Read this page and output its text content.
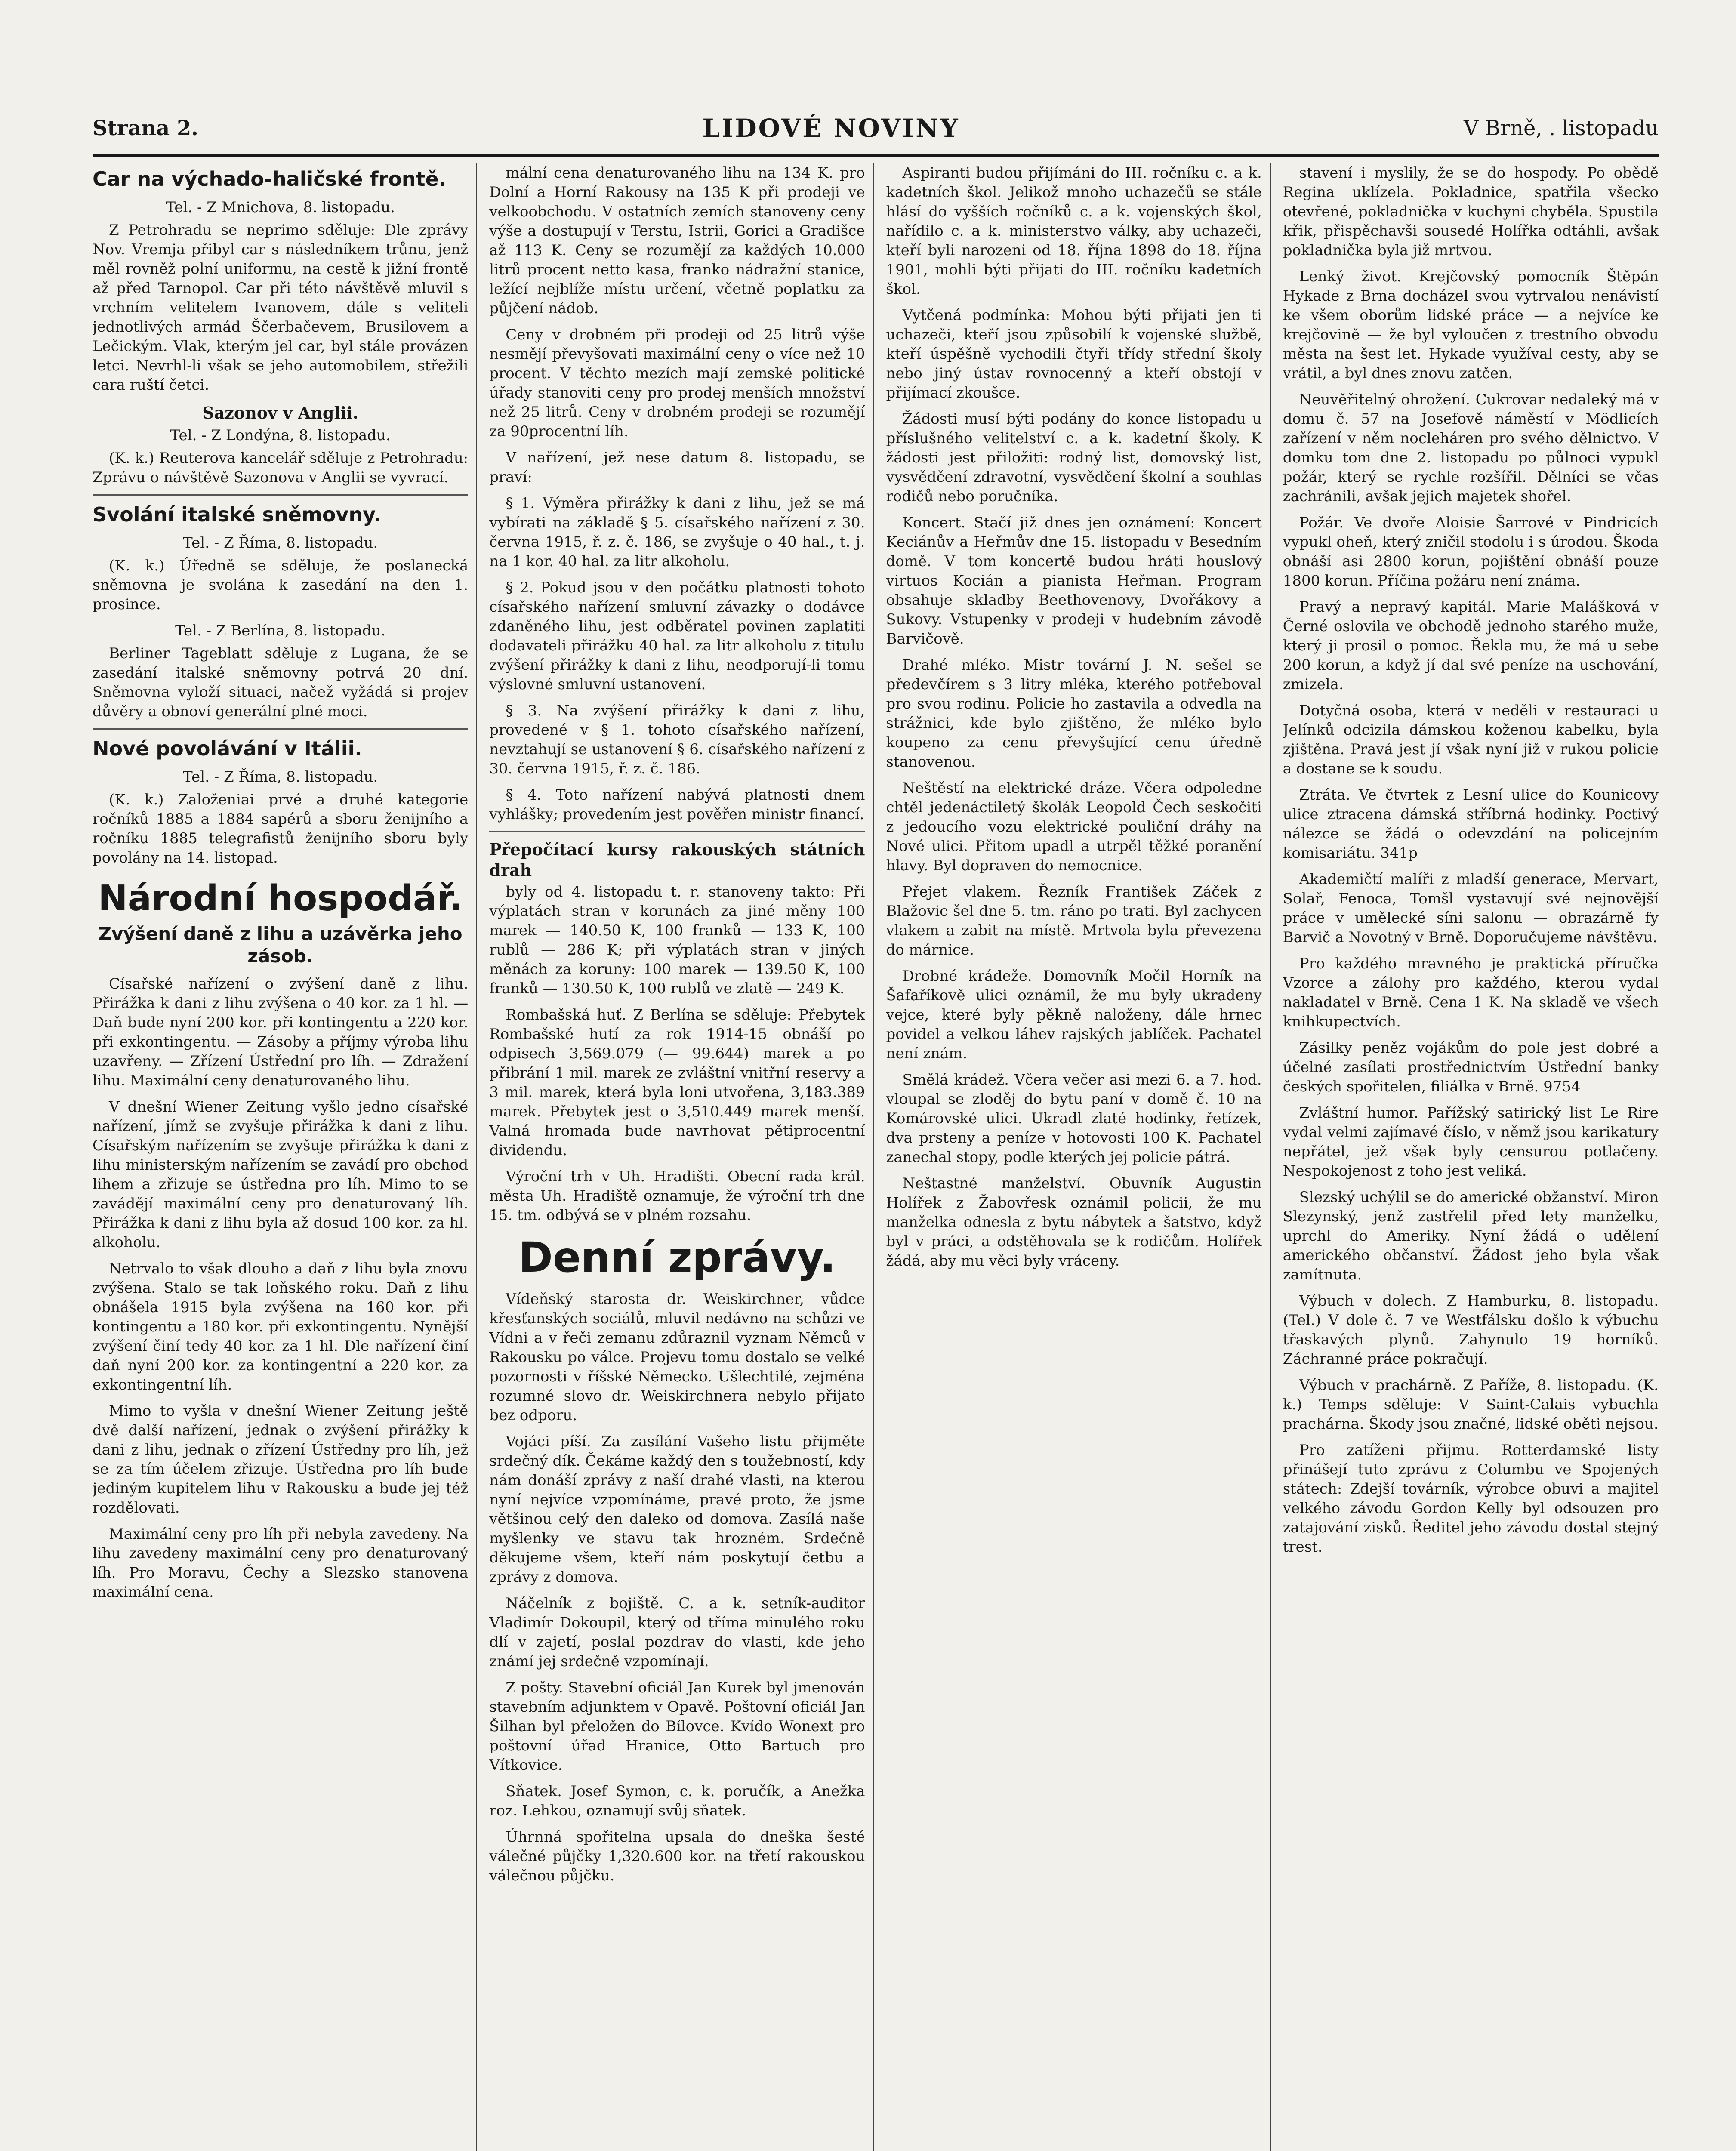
Strana 2.	LIDOVÉ NOVINY	V Brně, . listopadu
Car na výchado-haličské frontě.

Tel. - Z Mnichova, 8. listopadu.

Z Petrohradu se neprimo sděluje: Dle zprávy Nov. Vremja přibyl car s následníkem trůnu, jenž měl rovněž polní uniformu, na cestě k jižní frontě až před Tarnopol. Car při této návštěvě mluvil s vrchním velitelem Ivanovem, dále s veliteli jednotlivých armád Ščerbačevem, Brusilovem a Lečickým. Vlak, kterým jel car, byl stále provázen letci. Nevrhl-li však se jeho automobilem, střežili cara ruští četci.

Sazonov v Anglii.

Tel. - Z Londýna, 8. listopadu.

(K. k.) Reuterova kancelář sděluje z Petrohradu: Zprávu o návštěvě Sazonova v Anglii se vyvrací.

Svolání italské sněmovny.

Tel. - Z Říma, 8. listopadu.

(K. k.) Úředně se sděluje, že poslanecká sněmovna je svolána k zasedání na den 1. prosince.

Tel. - Z Berlína, 8. listopadu.

Berliner Tageblatt sděluje z Lugana, že se zasedání italské sněmovny potrvá 20 dní. Sněmovna vyloží situaci, načež vyžádá si projev důvěry a obnoví generální plné moci.

Nové povolávání v Itálii.

Tel. - Z Říma, 8. listopadu.

(K. k.) Založeniai prvé a druhé kategorie ročníků 1885 a 1884 sapérů a sboru ženijního a ročníku 1885 telegrafistů ženijního sboru byly povolány na 14. listopad.

Národní hospodář.
Zvýšení daně z lihu a uzávěrka jeho zásob.

Císařské nařízení o zvýšení daně z lihu. Přirážka k dani z lihu zvýšena o 40 kor. za 1 hl. — Daň bude nyní 200 kor. při kontingentu a 220 kor. při exkontingentu. — Zásoby a příjmy výroba lihu uzavřeny. — Zřízení Ústřední pro líh. — Zdražení lihu. Maximální ceny denaturovaného lihu.

V dnešní Wiener Zeitung vyšlo jedno císařské nařízení, jímž se zvyšuje přirážka k dani z lihu. Císařským nařízením se zvyšuje přirážka k dani z lihu ministerským nařízením se zavádí pro obchod lihem a zřizuje se ústředna pro líh. Mimo to se zavádějí maximální ceny pro denaturovaný líh. Přirážka k dani z lihu byla až dosud 100 kor. za hl. alkoholu.

Netrvalo to však dlouho a daň z lihu byla znovu zvýšena. Stalo se tak loňského roku. Daň z lihu obnášela 1915 byla zvýšena na 160 kor. při kontingentu a 180 kor. při exkontingentu. Nynější zvýšení činí tedy 40 kor. za 1 hl. Dle nařízení činí daň nyní 200 kor. za kontingentní a 220 kor. za exkontingentní líh.

Mimo to vyšla v dnešní Wiener Zeitung ještě dvě další nařízení, jednak o zvýšení přirážky k dani z lihu, jednak o zřízení Ústředny pro líh, jež se za tím účelem zřizuje. Ústředna pro líh bude jediným kupitelem lihu v Rakousku a bude jej též rozdělovati.

Maximální ceny pro líh při nebyla zavedeny. Na lihu zavedeny maximální ceny pro denaturovaný líh. Pro Moravu, Čechy a Slezsko stanovena maximální cena.

mální cena denaturovaného lihu na 134 K. pro Dolní a Horní Rakousy na 135 K při prodeji ve velkoobchodu. V ostatních zemích stanoveny ceny výše a dostupují v Terstu, Istrii, Gorici a Gradišce až 113 K. Ceny se rozumějí za každých 10.000 litrů procent netto kasa, franko nádražní stanice, ležící nejblíže místu určení, včetně poplatku za půjčení nádob.

Ceny v drobném při prodeji od 25 litrů výše nesmějí převyšovati maximální ceny o více než 10 procent. V těchto mezích mají zemské politické úřady stanoviti ceny pro prodej menších množství než 25 litrů. Ceny v drobném prodeji se rozumějí za 90procentní líh.

V nařízení, jež nese datum 8. listopadu, se praví:

§ 1. Výměra přirážky k dani z lihu, jež se má vybírati na základě § 5. císařského nařízení z 30. června 1915, ř. z. č. 186, se zvyšuje o 40 hal., t. j. na 1 kor. 40 hal. za litr alkoholu.

§ 2. Pokud jsou v den počátku platnosti tohoto císařského nařízení smluvní závazky o dodávce zdaněného lihu, jest odběratel povinen zaplatiti dodavateli přirážku 40 hal. za litr alkoholu z titulu zvýšení přirážky k dani z lihu, neodporují-li tomu výslovné smluvní ustanovení.

§ 3. Na zvýšení přirážky k dani z lihu, provedené v § 1. tohoto císařského nařízení, nevztahují se ustanovení § 6. císařského nařízení z 30. června 1915, ř. z. č. 186.

§ 4. Toto nařízení nabývá platnosti dnem vyhlášky; provedením jest pověřen ministr financí.

Přepočítací kursy rakouských státních drah

byly od 4. listopadu t. r. stanoveny takto: Při výplatách stran v korunách za jiné měny 100 marek — 140.50 K, 100 franků — 133 K, 100 rublů — 286 K; při výplatách stran v jiných měnách za koruny: 100 marek — 139.50 K, 100 franků — 130.50 K, 100 rublů ve zlatě — 249 K.

Rombašská huť. Z Berlína se sděluje: Přebytek Rombašské hutí za rok 1914-15 obnáší po odpisech 3,569.079 (— 99.644) marek a po přibrání 1 mil. marek ze zvláštní vnitřní reservy a 3 mil. marek, která byla loni utvořena, 3,183.389 marek. Přebytek jest o 3,510.449 marek menší. Valná hromada bude navrhovat pětiprocentní dividendu.

Výroční trh v Uh. Hradišti. Obecní rada král. města Uh. Hradiště oznamuje, že výroční trh dne 15. tm. odbývá se v plném rozsahu.

Denní zprávy.

Vídeňský starosta dr. Weiskirchner, vůdce křesťanských sociálů, mluvil nedávno na schůzi ve Vídni a v řeči zemanu zdůraznil vyznam Němců v Rakousku po válce. Projevu tomu dostalo se velké pozornosti v říšské Německo. Ušlechtilé, zejména rozumné slovo dr. Weiskirchnera nebylo přijato bez odporu.

Vojáci píší. Za zasílání Vašeho listu přijměte srdečný dík. Čekáme každý den s toužebností, kdy nám donáší zprávy z naší drahé vlasti, na kterou nyní nejvíce vzpomínáme, pravé proto, že jsme většinou celý den daleko od domova. Zasílá naše myšlenky ve stavu tak hrozném. Srdečně děkujeme všem, kteří nám poskytují četbu a zprávy z domova.

Náčelník z bojiště. C. a k. setník-auditor Vladimír Dokoupil, který od tříma minulého roku dlí v zajetí, poslal pozdrav do vlasti, kde jeho známí jej srdečně vzpomínají.

Z pošty. Stavební oficiál Jan Kurek byl jmenován stavebním adjunktem v Opavě. Poštovní oficiál Jan Šilhan byl přeložen do Bílovce. Kvído Wonext pro poštovní úřad Hranice, Otto Bartuch pro Vítkovice.

Sňatek. Josef Symon, c. k. poručík, a Anežka roz. Lehkou, oznamují svůj sňatek.

Úhrnná spořitelna upsala do dneška šesté válečné půjčky 1,320.600 kor. na třetí rakouskou válečnou půjčku.

Aspiranti budou přijímáni do III. ročníku c. a k. kadetních škol. Jelikož mnoho uchazečů se stále hlásí do vyšších ročníků c. a k. vojenských škol, nařídilo c. a k. ministerstvo války, aby uchazeči, kteří byli narozeni od 18. října 1898 do 18. října 1901, mohli býti přijati do III. ročníku kadetních škol.

Vytčená podmínka: Mohou býti přijati jen ti uchazeči, kteří jsou způsobilí k vojenské službě, kteří úspěšně vychodili čtyři třídy střední školy nebo jiný ústav rovnocenný a kteří obstojí v přijímací zkoušce.

Žádosti musí býti podány do konce listopadu u příslušného velitelství c. a k. kadetní školy. K žádosti jest přiložiti: rodný list, domovský list, vysvědčení zdravotní, vysvědčení školní a souhlas rodičů nebo poručníka.

Koncert. Stačí již dnes jen oznámení: Koncert Keciánův a Heřmův dne 15. listopadu v Besedním domě. V tom koncertě budou hráti houslový virtuos Kocián a pianista Heřman. Program obsahuje skladby Beethovenovy, Dvořákovy a Sukovy. Vstupenky v prodeji v hudebním závodě Barvičově.

Drahé mléko. Mistr tovární J. N. sešel se předevčírem s 3 litry mléka, kterého potřeboval pro svou rodinu. Policie ho zastavila a odvedla na strážnici, kde bylo zjištěno, že mléko bylo koupeno za cenu převyšující cenu úředně stanovenou.

Neštěstí na elektrické dráze. Včera odpoledne chtěl jedenáctiletý školák Leopold Čech seskočiti z jedoucího vozu elektrické pouliční dráhy na Nové ulici. Přitom upadl a utrpěl těžké poranění hlavy. Byl dopraven do nemocnice.

Přejet vlakem. Řezník František Záček z Blažovic šel dne 5. tm. ráno po trati. Byl zachycen vlakem a zabit na místě. Mrtvola byla převezena do márnice.

Drobné krádeže. Domovník Močil Horník na Šafaříkově ulici oznámil, že mu byly ukradeny vejce, které byly pěkně naloženy, dále hrnec povidel a velkou láhev rajských jablíček. Pachatel není znám.

Smělá krádež. Včera večer asi mezi 6. a 7. hod. vloupal se zloděj do bytu paní v domě č. 10 na Komárovské ulici. Ukradl zlaté hodinky, řetízek, dva prsteny a peníze v hotovosti 100 K. Pachatel zanechal stopy, podle kterých jej policie pátrá.

Neštastné manželství. Obuvník Augustin Holířek z Žabovřesk oznámil policii, že mu manželka odnesla z bytu nábytek a šatstvo, když byl v práci, a odstěhovala se k rodičům. Holířek žádá, aby mu věci byly vráceny.

stavení i myslily, že se do hospody. Po obědě Regina uklízela. Pokladnice, spatřila všecko otevřené, pokladnička v kuchyni chyběla. Spustila křik, přispěchavši sousedé Holířka odtáhli, avšak pokladnička byla již mrtvou.

Lenký život. Krejčovský pomocník Štěpán Hykade z Brna docházel svou vytrvalou nenávistí ke všem oborům lidské práce — a nejvíce ke krejčovině — že byl vyloučen z trestního obvodu města na šest let. Hykade využíval cesty, aby se vrátil, a byl dnes znovu zatčen.

Neuvěřitelný ohrožení. Cukrovar nedaleký má v domu č. 57 na Josefově náměstí v Mödlicích zařízení v něm nocleháren pro svého dělnictvo. V domku tom dne 2. listopadu po půlnoci vypukl požár, který se rychle rozšířil. Dělníci se včas zachránili, avšak jejich majetek shořel.

Požár. Ve dvoře Aloisie Šarrové v Pindricích vypukl oheň, který zničil stodolu i s úrodou. Škoda obnáší asi 2800 korun, pojištění obnáší pouze 1800 korun. Příčina požáru není známa.

Pravý a nepravý kapitál. Marie Malášková v Černé oslovila ve obchodě jednoho starého muže, který ji prosil o pomoc. Řekla mu, že má u sebe 200 korun, a když jí dal své peníze na uschování, zmizela.

Dotyčná osoba, která v neděli v restauraci u Jelínků odcizila dámskou koženou kabelku, byla zjištěna. Pravá jest jí však nyní již v rukou policie a dostane se k soudu.

Ztráta. Ve čtvrtek z Lesní ulice do Kounicovy ulice ztracena dámská stříbrná hodinky. Poctivý nálezce se žádá o odevzdání na policejním komisariátu. 341p

Akademičtí malíři z mladší generace, Mervart, Solař, Fenoca, Tomšl vystavují své nejnovější práce v umělecké síni salonu — obrazárně fy Barvič a Novotný v Brně. Doporučujeme návštěvu.

Pro každého mravného je praktická příručka Vzorce a zálohy pro každého, kterou vydal nakladatel v Brně. Cena 1 K. Na skladě ve všech knihkupectvích.

Zásilky peněz vojákům do pole jest dobré a účelné zasílati prostřednictvím Ústřední banky českých spořitelen, filiálka v Brně. 9754

Zvláštní humor. Pařížský satirický list Le Rire vydal velmi zajímavé číslo, v němž jsou karikatury nepřátel, jež však byly censurou potlačeny. Nespokojenost z toho jest veliká.

Slezský uchýlil se do americké obžanství. Miron Slezynský, jenž zastřelil před lety manželku, uprchl do Ameriky. Nyní žádá o udělení amerického občanství. Žádost jeho byla však zamítnuta.

Výbuch v dolech. Z Hamburku, 8. listopadu. (Tel.) V dole č. 7 ve Westfálsku došlo k výbuchu třaskavých plynů. Zahynulo 19 horníků. Záchranné práce pokračují.

Výbuch v prachárně. Z Paříže, 8. listopadu. (K. k.) Temps sděluje: V Saint-Calais vybuchla prachárna. Škody jsou značné, lidské oběti nejsou.

Pro zatíženi přijmu. Rotterdamské listy přinášejí tuto zprávu z Columbu ve Spojených státech: Zdejší továrník, výrobce obuvi a majitel velkého závodu Gordon Kelly byl odsouzen pro zatajování zisků. Ředitel jeho závodu dostal stejný trest.
